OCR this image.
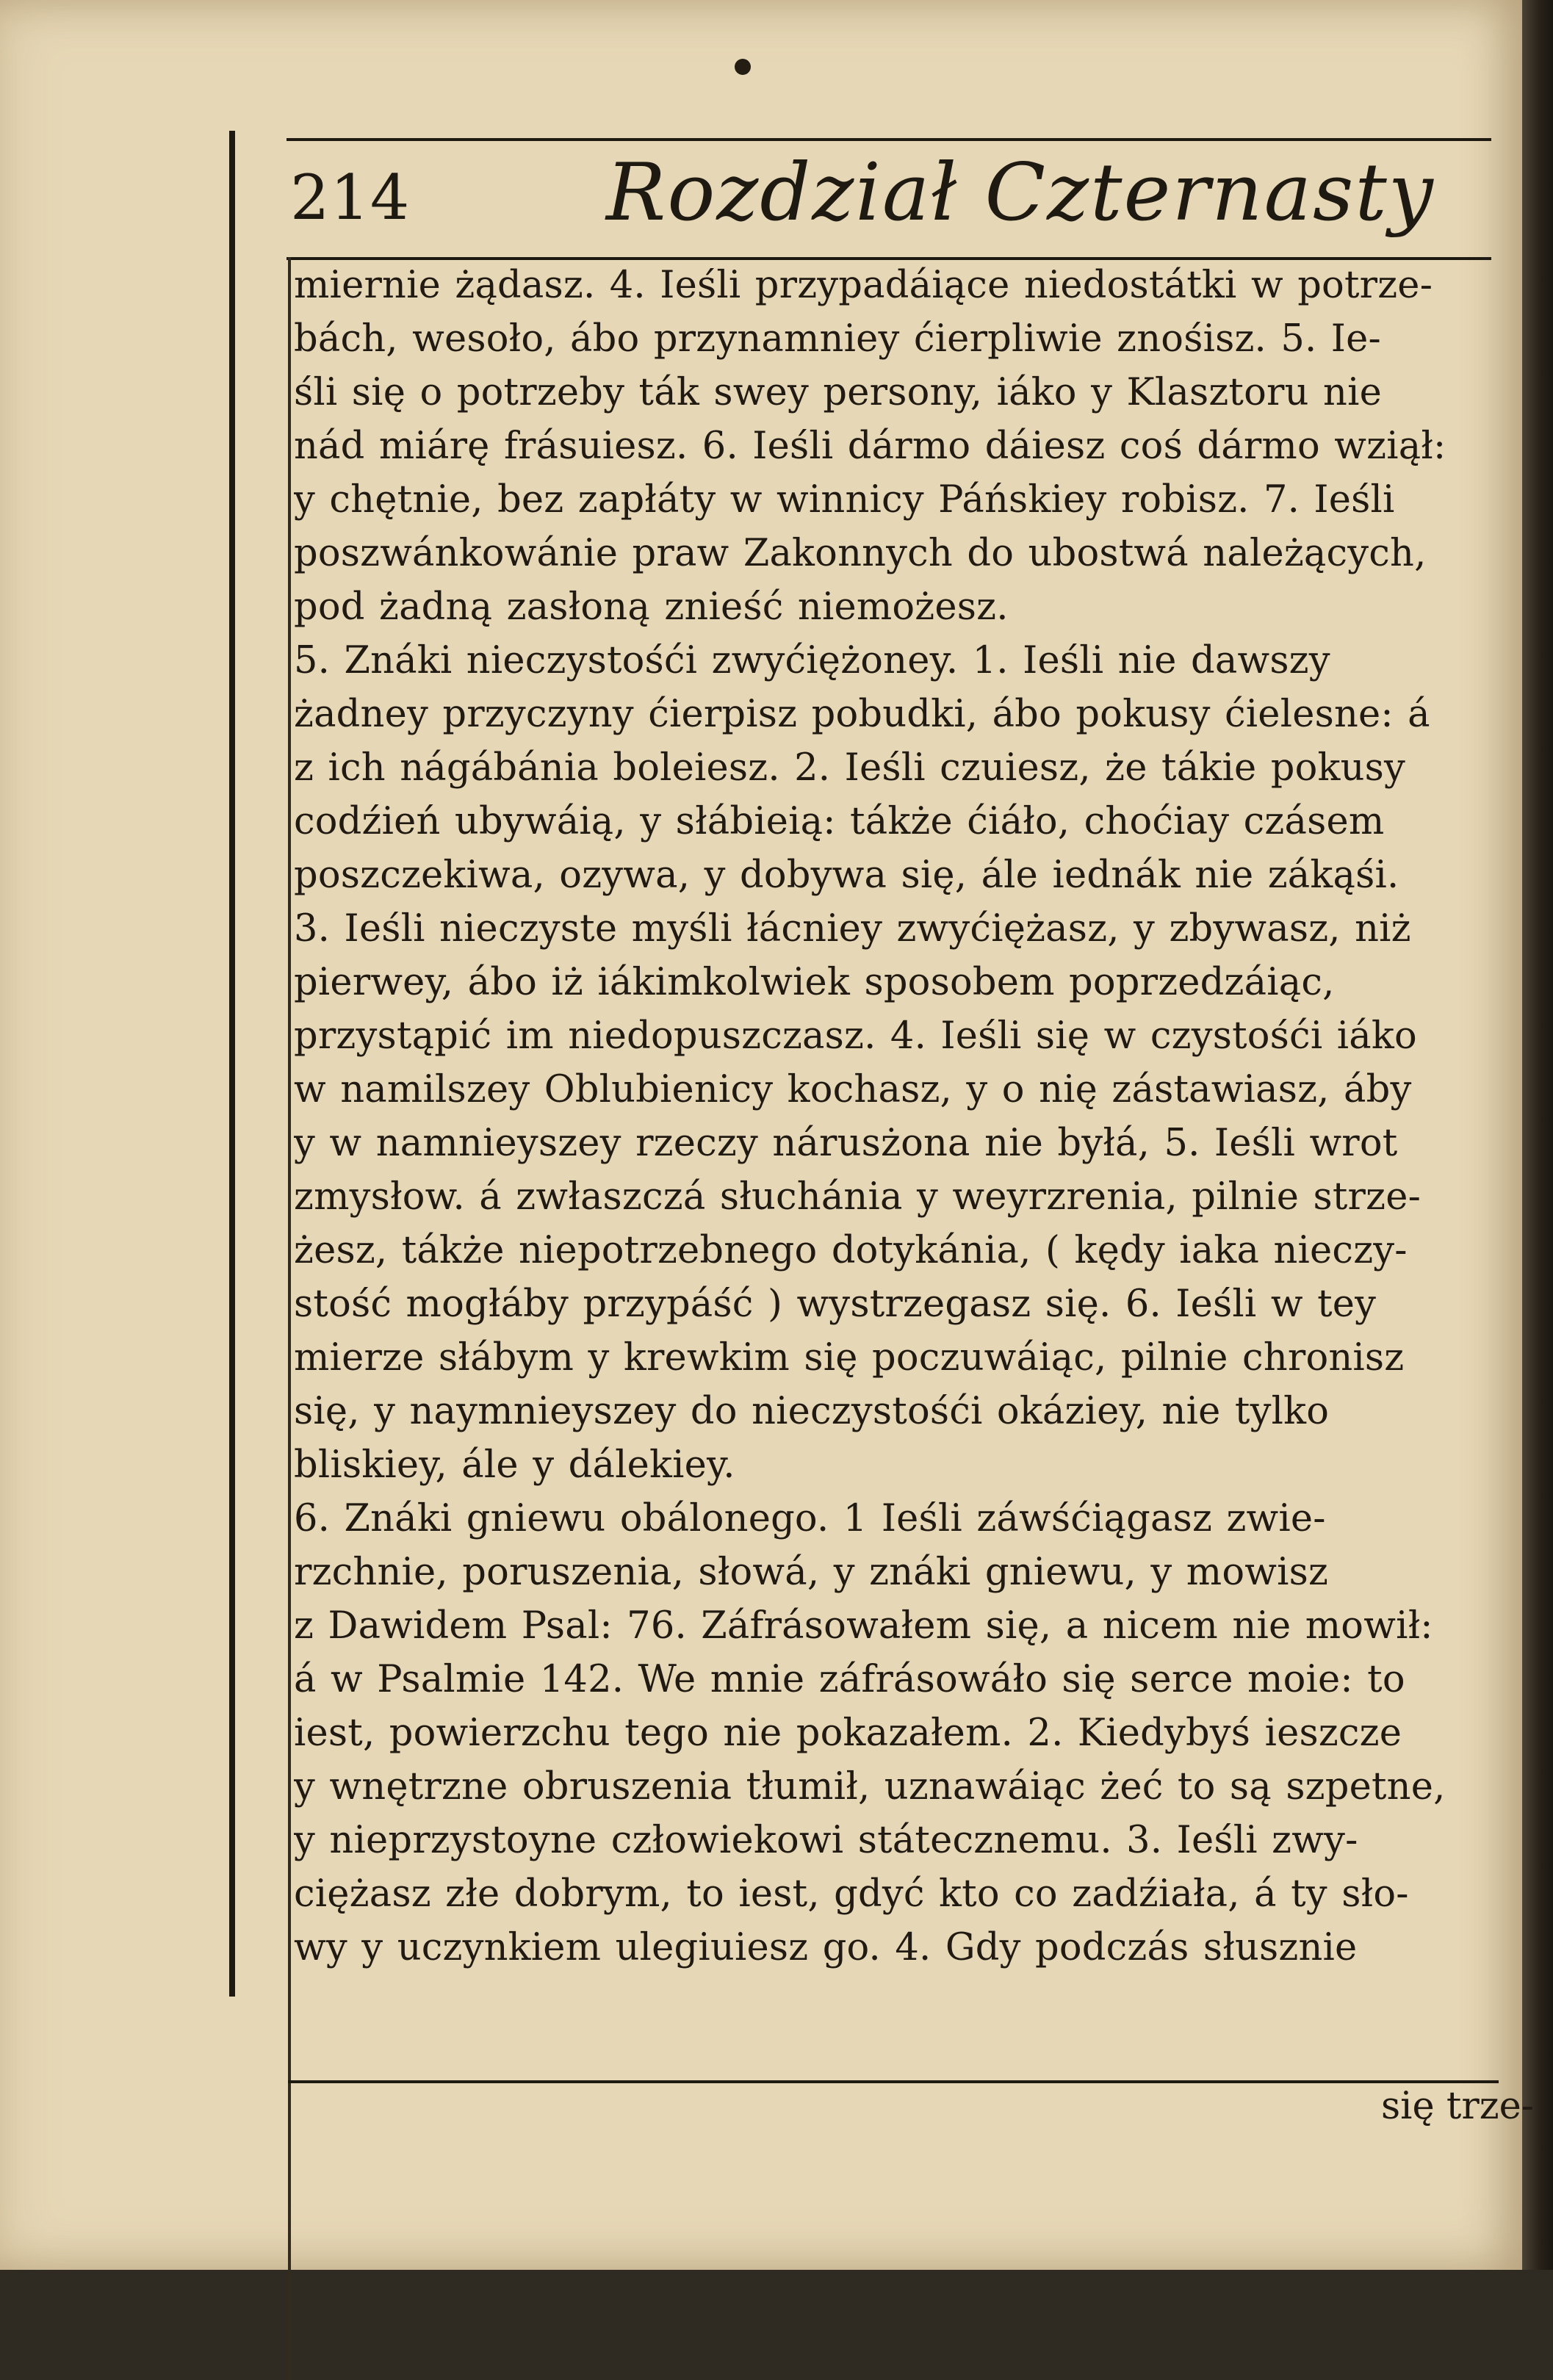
214 Rozdział Czternasty
miernie żądasz. 4. Ieśli przypadáiące niedostátki w potrze-
bách, wesoło, ábo przynamniey ćierpliwie znośisz. 5. Ie-
śli się o potrzeby ták swey persony, iáko y Klasztoru nie
nád miárę frásuiesz. 6. Ieśli dármo dáiesz coś dármo wziął:
y chętnie, bez zapłáty w winnicy Páńskiey robisz. 7. Ieśli
poszwánkowánie praw Zakonnych do ubostwá należących,
pod żadną zasłoną znieść niemożesz.
5. Znáki nieczystośći zwyćiężoney. 1. Ieśli nie dawszy
żadney przyczyny ćierpisz pobudki, ábo pokusy ćielesne: á
z ich nágábánia boleiesz. 2. Ieśli czuiesz, że tákie pokusy
codźień ubywáią, y słábieią: tákże ćiáło, choćiay czásem
poszczekiwa, ozywa, y dobywa się, ále iednák nie zákąśi.
3. Ieśli nieczyste myśli łácniey zwyćiężasz, y zbywasz, niż
pierwey, ábo iż iákimkolwiek sposobem poprzedzáiąc,
przystąpić im niedopuszczasz. 4. Ieśli się w czystośći iáko
w namilszey Oblubienicy kochasz, y o nię zástawiasz, áby
y w namnieyszey rzeczy nárusżona nie byłá, 5. Ieśli wrot
zmysłow. á zwłaszczá słuchánia y weyrzrenia, pilnie strze-
żesz, tákże niepotrzebnego dotykánia, ( kędy iaka nieczy-
stość mogłáby przypáść ) wystrzegasz się. 6. Ieśli w tey
mierze słábym y krewkim się poczuwáiąc, pilnie chronisz
się, y naymnieyszey do nieczystośći okáziey, nie tylko
bliskiey, ále y dálekiey.
6. Znáki gniewu obálonego. 1 Ieśli záwśćiągasz zwie-
rzchnie, poruszenia, słowá, y znáki gniewu, y mowisz
z Dawidem Psal: 76. Záfrásowałem się, a nicem nie mowił:
á w Psalmie 142. We mnie záfrásowáło się serce moie: to
iest, powierzchu tego nie pokazałem. 2. Kiedybyś ieszcze
y wnętrzne obruszenia tłumił, uznawáiąc żeć to są szpetne,
y nieprzystoyne człowiekowi státecznemu. 3. Ieśli zwy-
ciężasz złe dobrym, to iest, gdyć kto co zadźiała, á ty sło-
wy y uczynkiem ulegiuiesz go. 4. Gdy podczás słusznie
się trze-
